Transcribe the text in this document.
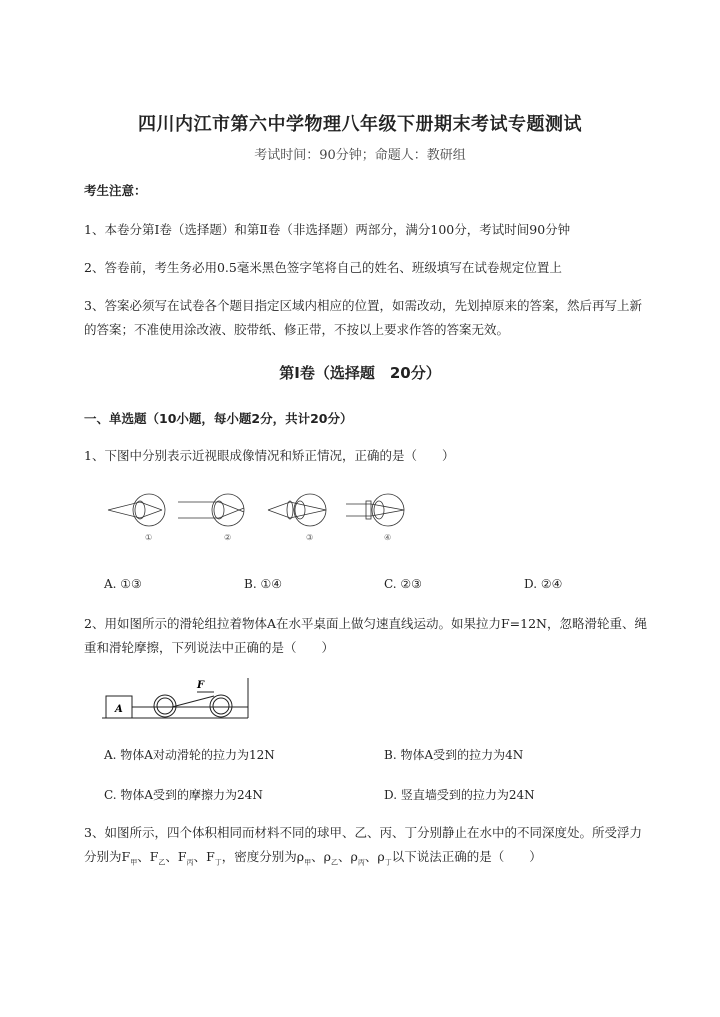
四川内江市第六中学物理八年级下册期末考试专题测试
考试时间：90分钟；命题人：教研组
考生注意：
1、本卷分第Ⅰ卷（选择题）和第Ⅱ卷（非选择题）两部分，满分100分，考试时间90分钟
2、答卷前，考生务必用0.5毫米黑色签字笔将自己的姓名、班级填写在试卷规定位置上
3、答案必须写在试卷各个题目指定区域内相应的位置，如需改动，先划掉原来的答案，然后再写上新
的答案；不准使用涂改液、胶带纸、修正带，不按以上要求作答的答案无效。
第Ⅰ卷（选择题　20分）
一、单选题（10小题，每小题2分，共计20分）
1、下图中分别表示近视眼成像情况和矫正情况，正确的是（　　）
①	②	③	④
A. ①③	B. ①④	C. ②③	D. ②④
2、用如图所示的滑轮组拉着物体A在水平桌面上做匀速直线运动。如果拉力F=12N，忽略滑轮重、绳
重和滑轮摩擦，下列说法中正确的是（　　）
A
F
A. 物体A对动滑轮的拉力为12N	B. 物体A受到的拉力为4N
C. 物体A受到的摩擦力为24N	D. 竖直墙受到的拉力为24N
3、如图所示，四个体积相同而材料不同的球甲、乙、丙、丁分别静止在水中的不同深度处。所受浮力
分别为$F_甲$、$F_乙$、$F_丙$、$F_丁$，密度分别为$\rho_甲$、$\rho_乙$、$\rho_丙$、$\rho_丁$以下说法正确的是（　　）
